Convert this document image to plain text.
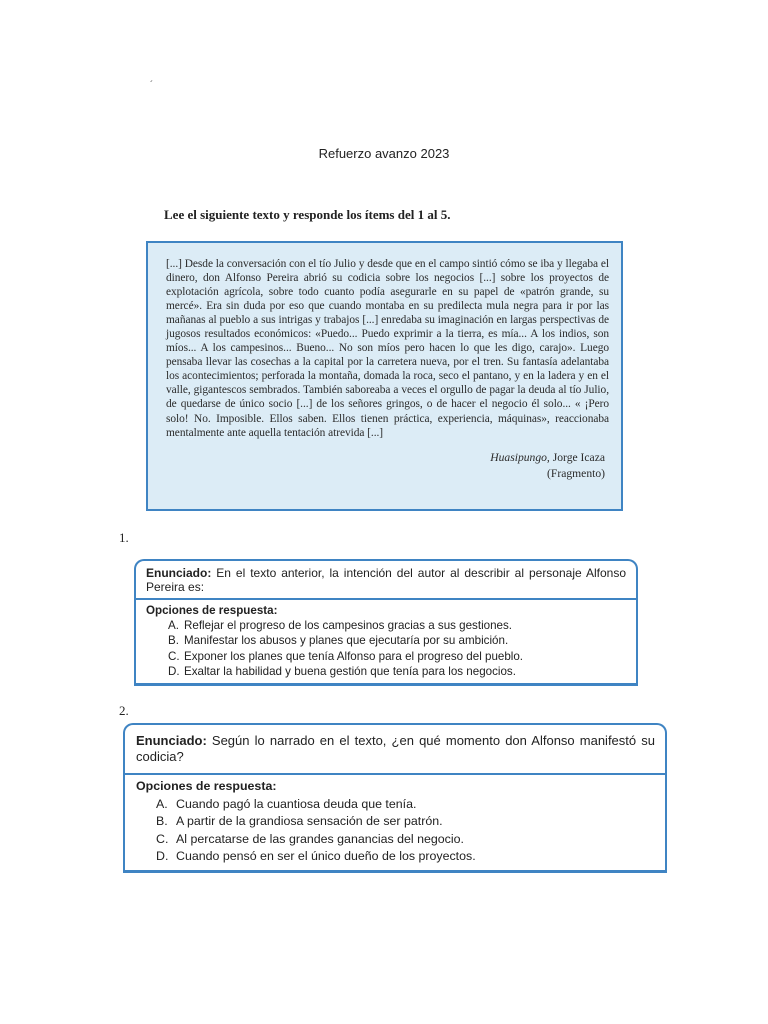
´
Refuerzo avanzo 2023
Lee el siguiente texto y responde los ítems del 1 al 5.

[...] Desde la conversación con el tío Julio y desde que en el campo sintió cómo se iba y llegaba el dinero, don Alfonso Pereira abrió su codicia sobre los negocios [...] sobre los proyectos de explotación agrícola, sobre todo cuanto podía asegurarle en su papel de «patrón grande, su mercé». Era sin duda por eso que cuando montaba en su predilecta mula negra para ir por las mañanas al pueblo a sus intrigas y trabajos [...] enredaba su imaginación en largas perspectivas de jugosos resultados económicos: «Puedo... Puedo exprimir a la tierra, es mía... A los indios, son míos... A los campesinos... Bueno... No son míos pero hacen lo que les digo, carajo». Luego pensaba llevar las cosechas a la capital por la carretera nueva, por el tren. Su fantasía adelantaba los acontecimientos; perforada la montaña, domada la roca, seco el pantano, y en la ladera y en el valle, gigantescos sembrados. También saboreaba a veces el orgullo de pagar la deuda al tío Julio, de quedarse de único socio [...] de los señores gringos, o de hacer el negocio él solo... « ¡Pero solo! No. Imposible. Ellos saben. Ellos tienen práctica, experiencia, máquinas», reaccionaba mentalmente ante aquella tentación atrevida [...]

Huasipungo, Jorge Icaza
(Fragmento)
1.
Enunciado: En el texto anterior, la intención del autor al describir al personaje Alfonso Pereira es:
Opciones de respuesta:
A. Reflejar el progreso de los campesinos gracias a sus gestiones.
B. Manifestar los abusos y planes que ejecutaría por su ambición.
C. Exponer los planes que tenía Alfonso para el progreso del pueblo.
D. Exaltar la habilidad y buena gestión que tenía para los negocios.
2.
Enunciado: Según lo narrado en el texto, ¿en qué momento don Alfonso manifestó su codicia?
Opciones de respuesta:
A. Cuando pagó la cuantiosa deuda que tenía.
B. A partir de la grandiosa sensación de ser patrón.
C. Al percatarse de las grandes ganancias del negocio.
D. Cuando pensó en ser el único dueño de los proyectos.
